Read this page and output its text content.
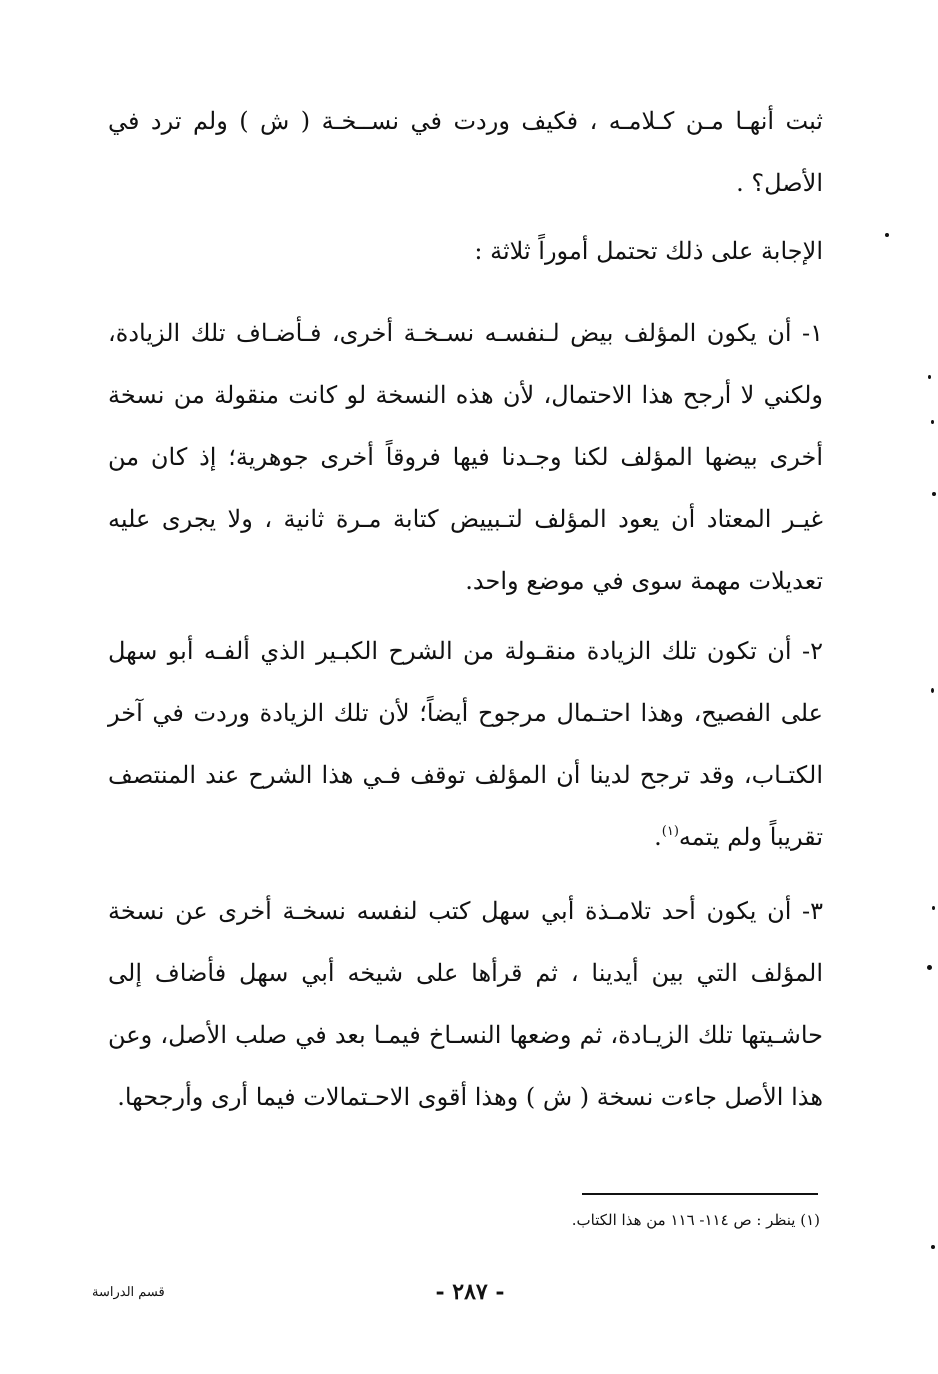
ثبت أنهـا مـن كـلامـه ، فكيف وردت في نســخـة ( ش ) ولم ترد في الأصل؟ .

الإجابة على ذلك تحتمل أموراً ثلاثة :

١- أن يكون المؤلف بيض لـنفسـه نسـخـة أخرى، فـأضـاف تلك الزيادة، ولكني لا أرجح هذا الاحتمال، لأن هذه النسخة لو كانت منقولة من نسخة أخرى بيضها المؤلف لكنا وجـدنا فيها فروقاً أخرى جوهرية؛ إذ كان من غيـر المعتاد أن يعود المؤلف لتـبييض كتابة مـرة ثانية ، ولا يجرى عليه تعديلات مهمة سوى في موضع واحد.

٢- أن تكون تلك الزيادة منقـولة من الشرح الكبـير الذي ألفـه أبو سهل على الفصيح، وهذا احتـمال مرجوح أيضاً؛ لأن تلك الزيادة وردت في آخر الكتـاب، وقد ترجح لدينا أن المؤلف توقف فـي هذا الشرح عند المنتصف تقريباً ولم يتمه$^{(١)}$.

٣- أن يكون أحد تلامـذة أبي سهل كتب لنفسه نسخـة أخرى عن نسخة المؤلف التي بين أيدينا ، ثم قرأها على شيخه أبي سهل فأضاف إلى حاشـيتها تلك الزيـادة، ثم وضعها النسـاخ فيمـا بعد في صلب الأصل، وعن هذا الأصل جاءت نسخة ( ش ) وهذا أقوى الاحـتمالات فيما أرى وأرجحها.

(١) ينظر : ص ١١٤- ١١٦ من هذا الكتاب.
- ٢٨٧ -
قسم الدراسة
